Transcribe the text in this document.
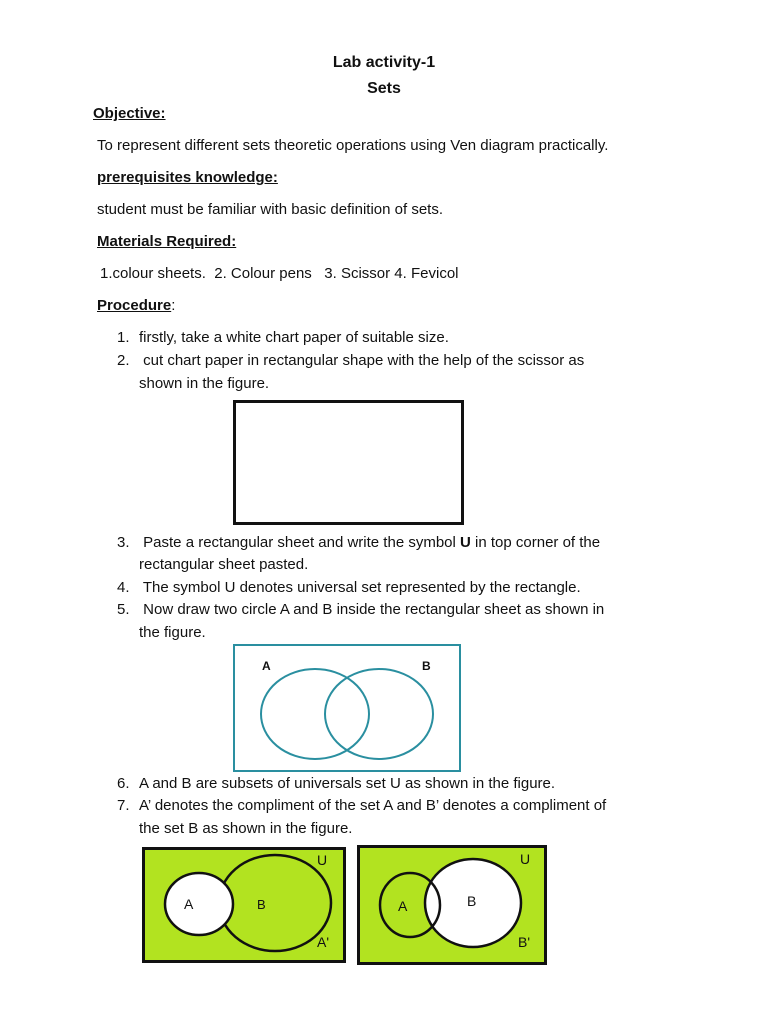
Lab activity-1
Sets
Objective:
To represent different sets theoretic operations using Ven diagram practically.
prerequisites knowledge:
student must be familiar with basic definition of sets.
Materials Required:
1.colour sheets.  2. Colour pens   3. Scissor 4. Fevicol
Procedure:
1. firstly, take a white chart paper of suitable size.
2. cut chart paper in rectangular shape with the help of the scissor as
shown in the figure.
3. Paste a rectangular sheet and write the symbol U in top corner of the
rectangular sheet pasted.
4. The symbol U denotes universal set represented by the rectangle.
5. Now draw two circle A and B inside the rectangular sheet as shown in
the figure.
A	B
6. A and B are subsets of universals set U as shown in the figure.
7. A’ denotes the compliment of the set A and B’ denotes a compliment of
the set B as shown in the figure.
U
A	B
A'
U
A	B
B'
